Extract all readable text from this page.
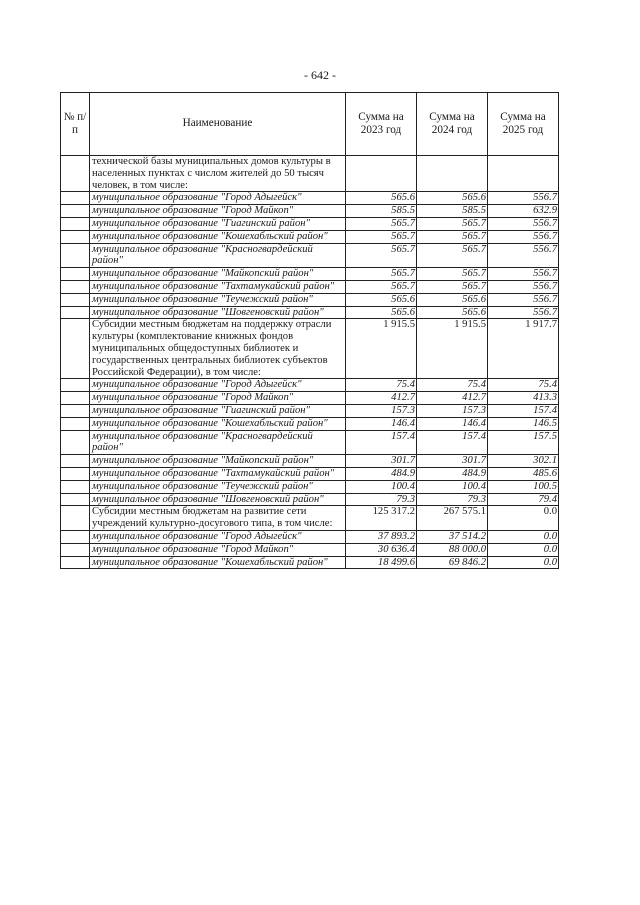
- 642 -
№ п/п	Наименование	Сумма на 2023 год	Сумма на 2024 год	Сумма на 2025 год
	технической базы муниципальных домов культуры в населенных пунктах с числом жителей до 50 тысяч человек, в том числе:			
	муниципальное образование "Город Адыгейск"	565.6	565.6	556.7
	муниципальное образование "Город Майкоп"	585.5	585.5	632.9
	муниципальное образование "Гиагинский район"	565.7	565.7	556.7
	муниципальное образование "Кошехабльский район"	565.7	565.7	556.7
	муниципальное образование "Красногвардейский район"	565.7	565.7	556.7
	муниципальное образование "Майкопский район"	565.7	565.7	556.7
	муниципальное образование "Тахтамукайский район"	565.7	565.7	556.7
	муниципальное образование "Теучежский район"	565.6	565.6	556.7
	муниципальное образование "Шовгеновский район"	565.6	565.6	556.7
	Субсидии местным бюджетам на поддержку отрасли культуры (комплектование книжных фондов муниципальных общедоступных библиотек и государственных центральных библиотек субъектов Российской Федерации), в том числе:	1 915.5	1 915.5	1 917.7
	муниципальное образование "Город Адыгейск"	75.4	75.4	75.4
	муниципальное образование "Город Майкоп"	412.7	412.7	413.3
	муниципальное образование "Гиагинский район"	157.3	157.3	157.4
	муниципальное образование "Кошехабльский район"	146.4	146.4	146.5
	муниципальное образование "Красногвардейский район"	157.4	157.4	157.5
	муниципальное образование "Майкопский район"	301.7	301.7	302.1
	муниципальное образование "Тахтамукайский район"	484.9	484.9	485.6
	муниципальное образование "Теучежский район"	100.4	100.4	100.5
	муниципальное образование "Шовгеновский район"	79.3	79.3	79.4
	Субсидии местным бюджетам на развитие сети учреждений культурно-досугового типа, в том числе:	125 317.2	267 575.1	0.0
	муниципальное образование "Город Адыгейск"	37 893.2	37 514.2	0.0
	муниципальное образование "Город Майкоп"	30 636.4	88 000.0	0.0
	муниципальное образование "Кошехабльский район"	18 499.6	69 846.2	0.0
